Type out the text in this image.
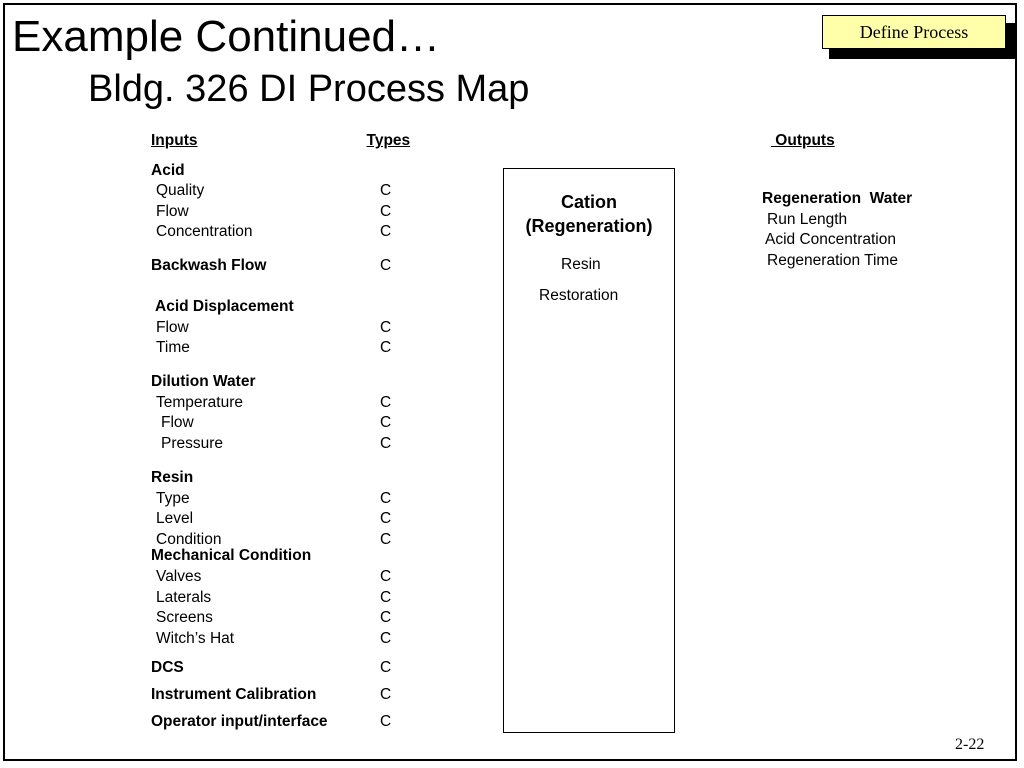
Example Continued…
Bldg. 326 DI Process Map
Define Process
Inputs	Types	Outputs
Acid
Quality	C
Flow	C
Concentration	C
Backwash Flow	C
Acid Displacement
Flow	C
Time	C
Dilution Water
Temperature	C
Flow	C
Pressure	C
Resin
Type	C
Level	C
Condition	C
Mechanical Condition
Valves	C
Laterals	C
Screens	C
Witch’s Hat	C
DCS	C
Instrument Calibration	C
Operator input/interface	C
Cation
(Regeneration)
Resin
Restoration
Regeneration  Water
Run Length
Acid Concentration
Regeneration Time
2-22
